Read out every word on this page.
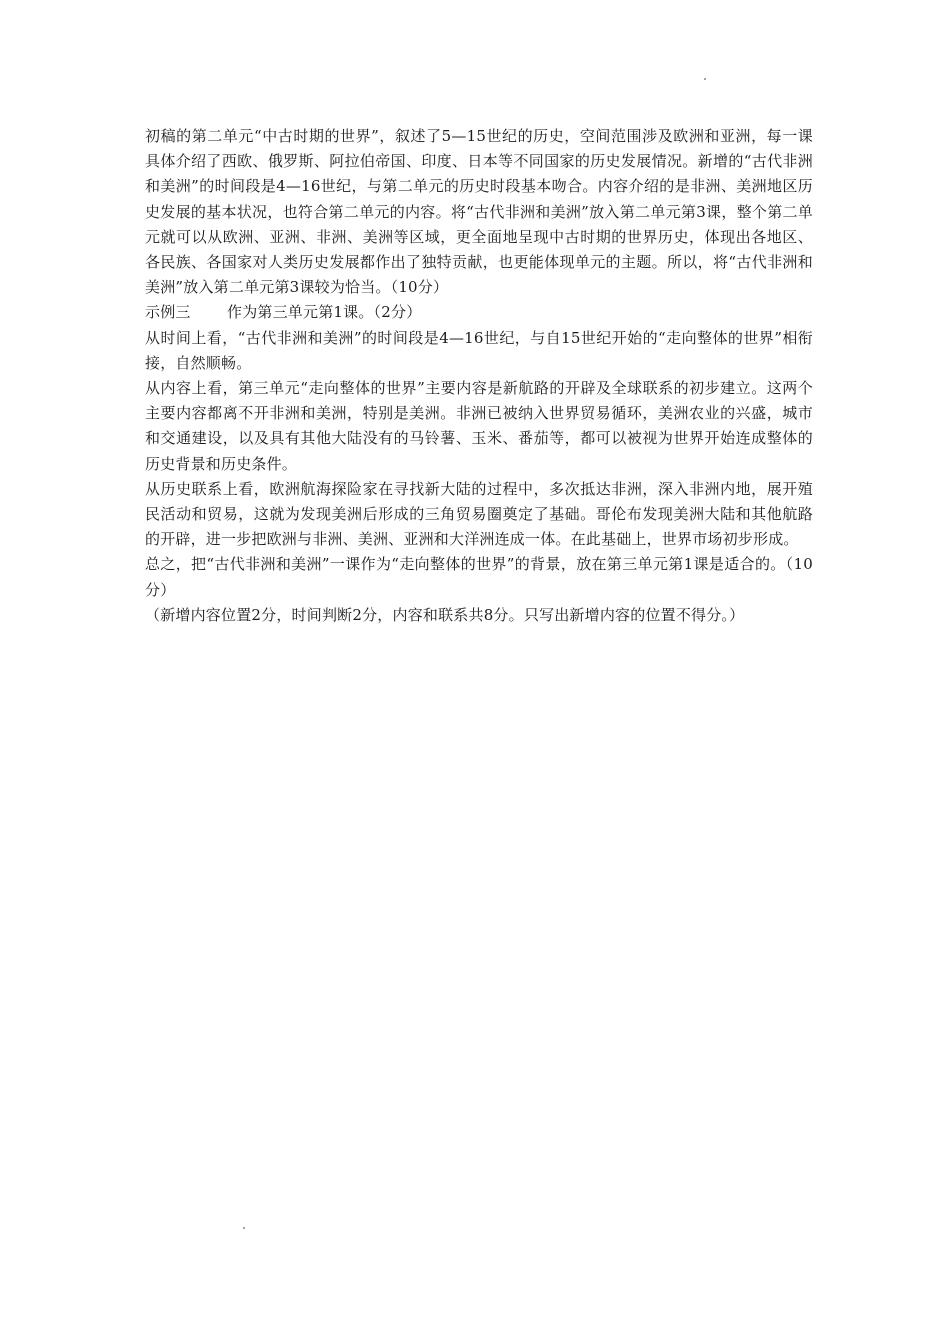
初稿的第二单元“中古时期的世界”，叙述了5—15世纪的历史，空间范围涉及欧洲和亚洲，每一课具体介绍了西欧、俄罗斯、阿拉伯帝国、印度、日本等不同国家的历史发展情况。新增的“古代非洲和美洲”的时间段是4—16世纪，与第二单元的历史时段基本吻合。内容介绍的是非洲、美洲地区历史发展的基本状况，也符合第二单元的内容。将“古代非洲和美洲”放入第二单元第3课，整个第二单元就可以从欧洲、亚洲、非洲、美洲等区域，更全面地呈现中古时期的世界历史，体现出各地区、各民族、各国家对人类历史发展都作出了独特贡献，也更能体现单元的主题。所以，将“古代非洲和美洲”放入第二单元第3课较为恰当。（10分）

示例三 作为第三单元第1课。（2分）

从时间上看，“古代非洲和美洲”的时间段是4—16世纪，与自15世纪开始的“走向整体的世界”相衔接，自然顺畅。

从内容上看，第三单元“走向整体的世界”主要内容是新航路的开辟及全球联系的初步建立。这两个主要内容都离不开非洲和美洲，特别是美洲。非洲已被纳入世界贸易循环，美洲农业的兴盛，城市和交通建设，以及具有其他大陆没有的马铃薯、玉米、番茄等，都可以被视为世界开始连成整体的历史背景和历史条件。

从历史联系上看，欧洲航海探险家在寻找新大陆的过程中，多次抵达非洲，深入非洲内地，展开殖民活动和贸易，这就为发现美洲后形成的三角贸易圈奠定了基础。哥伦布发现美洲大陆和其他航路的开辟，进一步把欧洲与非洲、美洲、亚洲和大洋洲连成一体。在此基础上，世界市场初步形成。

总之，把“古代非洲和美洲”一课作为“走向整体的世界”的背景，放在第三单元第1课是适合的。（10分）

（新增内容位置2分，时间判断2分，内容和联系共8分。只写出新增内容的位置不得分。）
